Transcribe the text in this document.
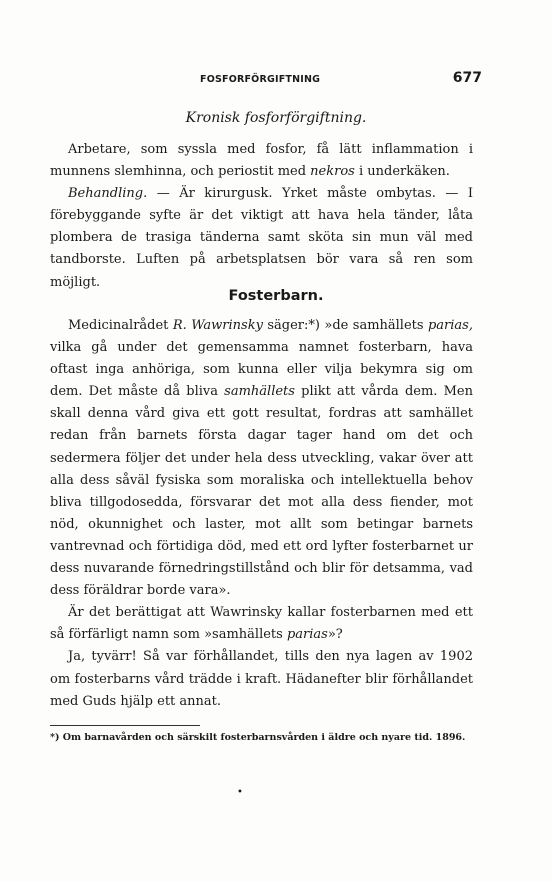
FOSFORFÖRGIFTNING	677
Kronisk fosforförgiftning.

Arbetare, som syssla med fosfor, få lätt inflammation i munnens slemhinna, och periostit med nekros i underkäken.

Behandling. — Är kirurgusk. Yrket måste ombytas. — I förebyggande syfte är det viktigt att hava hela tänder, låta plombera de trasiga tänderna samt sköta sin mun väl med tandborste. Luften på arbetsplatsen bör vara så ren som möjligt.

Fosterbarn.

Medicinalrådet R. Wawrinsky säger:*) »de samhällets parias, vilka gå under det gemensamma namnet fosterbarn, hava oftast inga anhöriga, som kunna eller vilja bekymra sig om dem. Det måste då bliva samhällets plikt att vårda dem. Men skall denna vård giva ett gott resultat, fordras att samhället redan från barnets första dagar tager hand om det och sedermera följer det under hela dess utveckling, vakar över att alla dess såväl fysiska som moraliska och intellektuella behov bliva tillgodosedda, försvarar det mot alla dess fiender, mot nöd, okunnighet och laster, mot allt som betingar barnets vantrevnad och förtidiga död, med ett ord lyfter fosterbarnet ur dess nuvarande förnedringstillstånd och blir för detsamma, vad dess föräldrar borde vara».

Är det berättigat att Wawrinsky kallar fosterbarnen med ett så förfärligt namn som »samhällets parias»?

Ja, tyvärr! Så var förhållandet, tills den nya lagen av 1902 om fosterbarns vård trädde i kraft. Hädanefter blir förhållandet med Guds hjälp ett annat.

*) Om barnavården och särskilt fosterbarnsvården i äldre och nyare tid. 1896.
•
